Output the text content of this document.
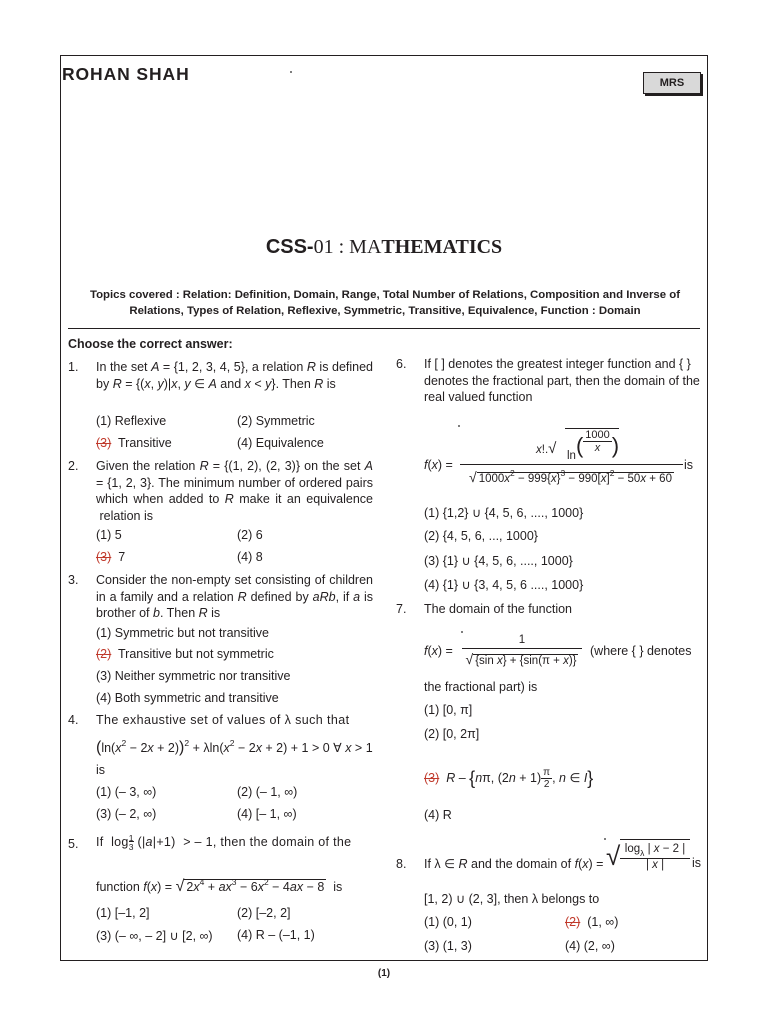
ROHAN SHAH	MRS
CSS-01 : MATHEMATICS
Topics covered : Relation: Definition, Domain, Range, Total Number of Relations, Composition and Inverse of Relations, Types of Relation, Reflexive, Symmetric, Transitive, Equivalence, Function : Domain
Choose the correct answer:
1.	In the set A = {1, 2, 3, 4, 5}, a relation R is defined by R = {(x, y)|x, y ∈ A and x < y}. Then R is
(1) Reflexive	(2) Symmetric
(3) Transitive	(4) Equivalence
2.	Given the relation R = {(1, 2), (2, 3)} on the set A = {1, 2, 3}. The minimum number of ordered pairs which when added to R make it an equivalence  relation is
(1) 5	(2) 6
(3) 7	(4) 8
3.	Consider the non-empty set consisting of children in a family and a relation R defined by aRb, if a is brother of b. Then R is
(1) Symmetric but not transitive
(2) Transitive but not symmetric
(3) Neither symmetric nor transitive
(4) Both symmetric and transitive
4.	The exhaustive set of values of λ such that
$(\ln(x^2 - 2x + 2))^2 + \lambda\ln(x^2 - 2x + 2) + 1 > 0$ ∀ x > 1
is
(1) (– 3, ∞)	(2) (– 1, ∞)
(3) (– 2, ∞)	(4) [– 1, ∞)
5.	If  log1
3 (|a|+1)  > – 1, then the domain of the
function f(x) = √ $2x^4 + ax^3 - 6x^2 - 4ax - 8$  is
(1) [–1, 2]	(2) [–2, 2]
(3) (– ∞, – 2] ∪ [2, ∞) (4) R – (–1, 1)
6.	If [ ] denotes the greatest integer function and { } denotes the fractional part, then the domain of the real valued function
f(x) =
x!.√ $\ln( \frac{1000}{x}$ )
√ $1000x^2 - 999\{x\}^3 - 990[x]^2 - 50x + 60$
is
(1) {1,2} ∪ {4, 5, 6, ...., 1000}
(2) {4, 5, 6, ..., 1000}
(3) {1} ∪ {4, 5, 6, ...., 1000}
(4) {1} ∪ {3, 4, 5, 6 ...., 1000}
7.	The domain of the function
f(x) =
1
√ {sin x} + {sin(π + x)}
(where { } denotes
the fractional part) is
(1) [0, π]
(2) [0, 2π]
(3) R – {nπ, $(2n + 1) \frac{\pi}{2}$ , n ∈ I}
(4) R
8.	If λ ∈ R and the domain of f(x) = √ $\log_\lambda$ | x − 2 |
| x |	is
[1, 2) ∪ (2, 3], then λ belongs to
(1) (0, 1)	(2) (1, ∞)
(3) (1, 3)	(4) (2, ∞)
(1)
